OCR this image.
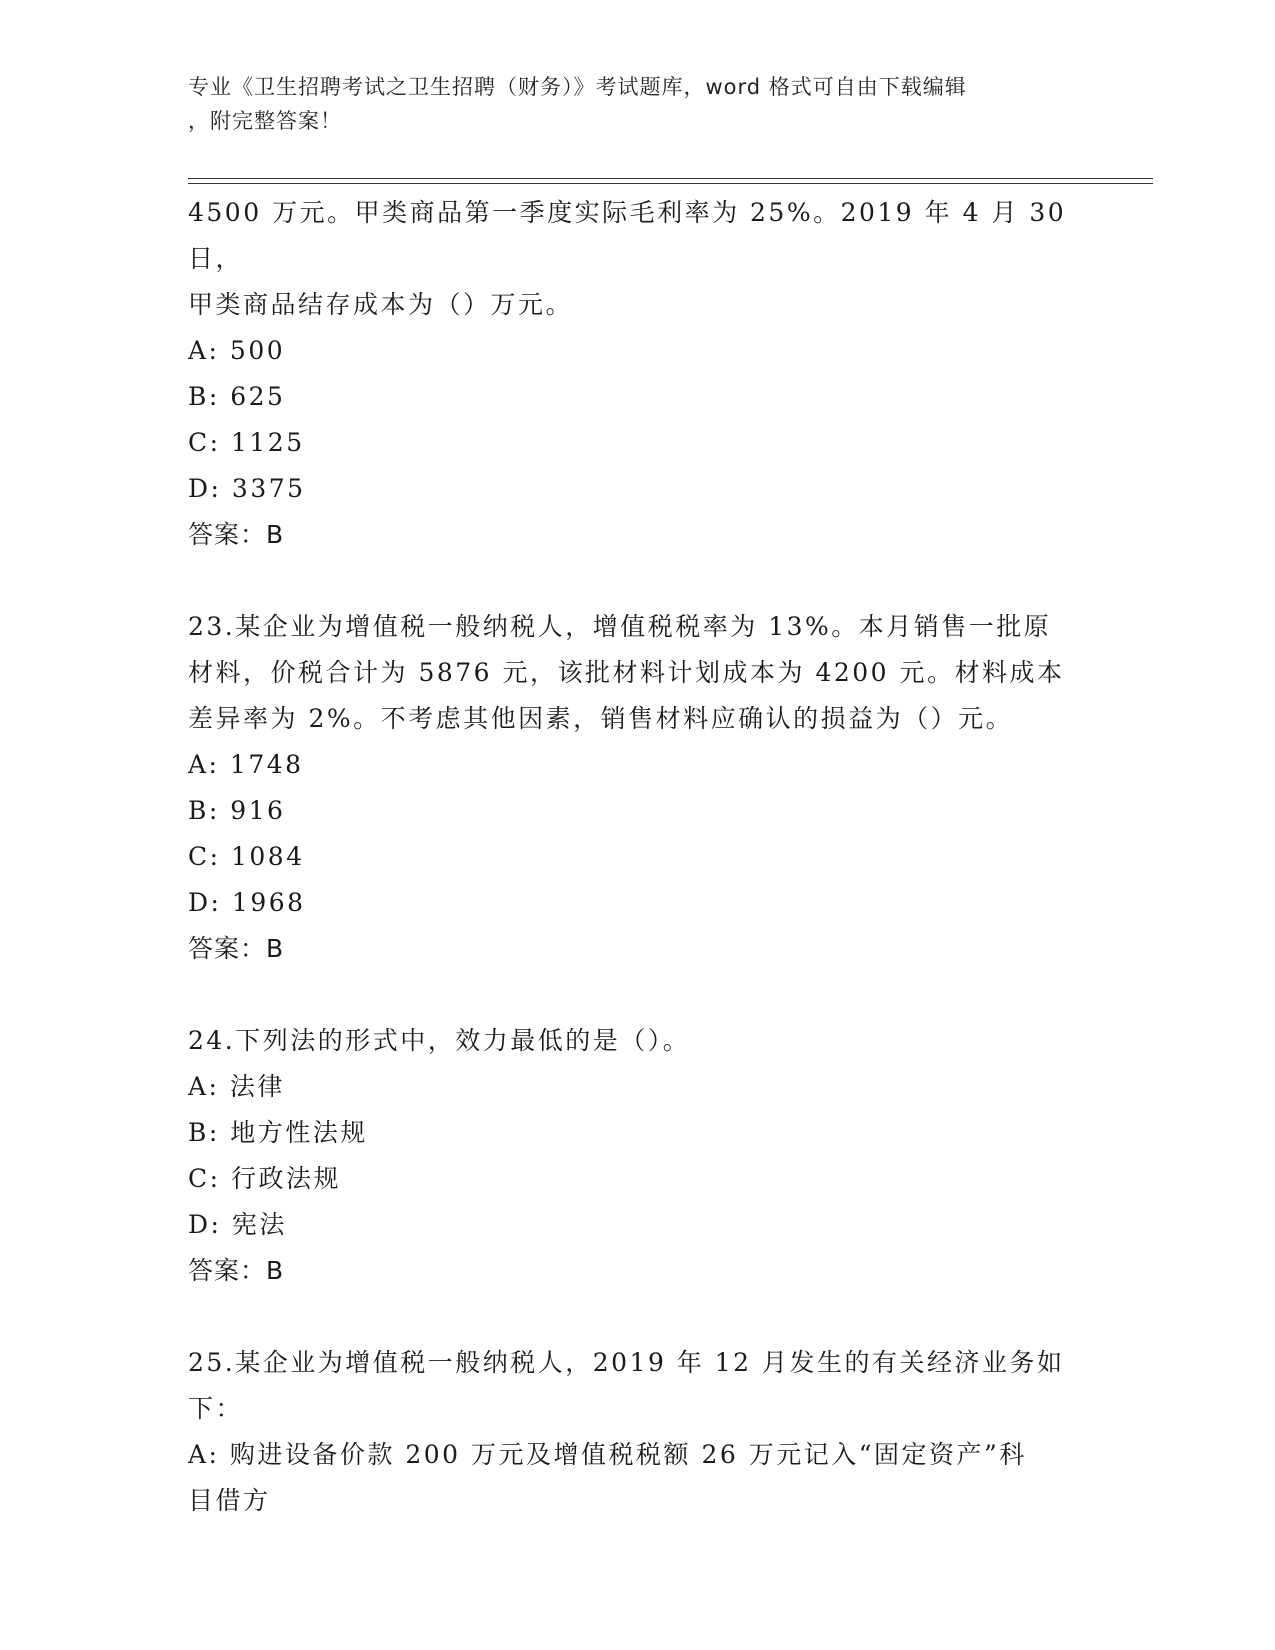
专业《卫生招聘考试之卫生招聘（财务）》考试题库，word 格式可自由下载编辑
，附完整答案！

4500 万元。甲类商品第一季度实际毛利率为 25%。2019 年 4 月 30 日，

甲类商品结存成本为（）万元。

A: 500

B: 625

C: 1125

D: 3375

答案：B

23.某企业为增值税一般纳税人，增值税税率为 13%。本月销售一批原

材料，价税合计为 5876 元，该批材料计划成本为 4200 元。材料成本

差异率为 2%。不考虑其他因素，销售材料应确认的损益为（）元。

A: 1748

B: 916

C: 1084

D: 1968

答案：B

24.下列法的形式中，效力最低的是（）。

A: 法律

B: 地方性法规

C: 行政法规

D: 宪法

答案：B

25.某企业为增值税一般纳税人，2019 年 12 月发生的有关经济业务如

下：

A: 购进设备价款 200 万元及增值税税额 26 万元记入“固定资产”科

目借方
